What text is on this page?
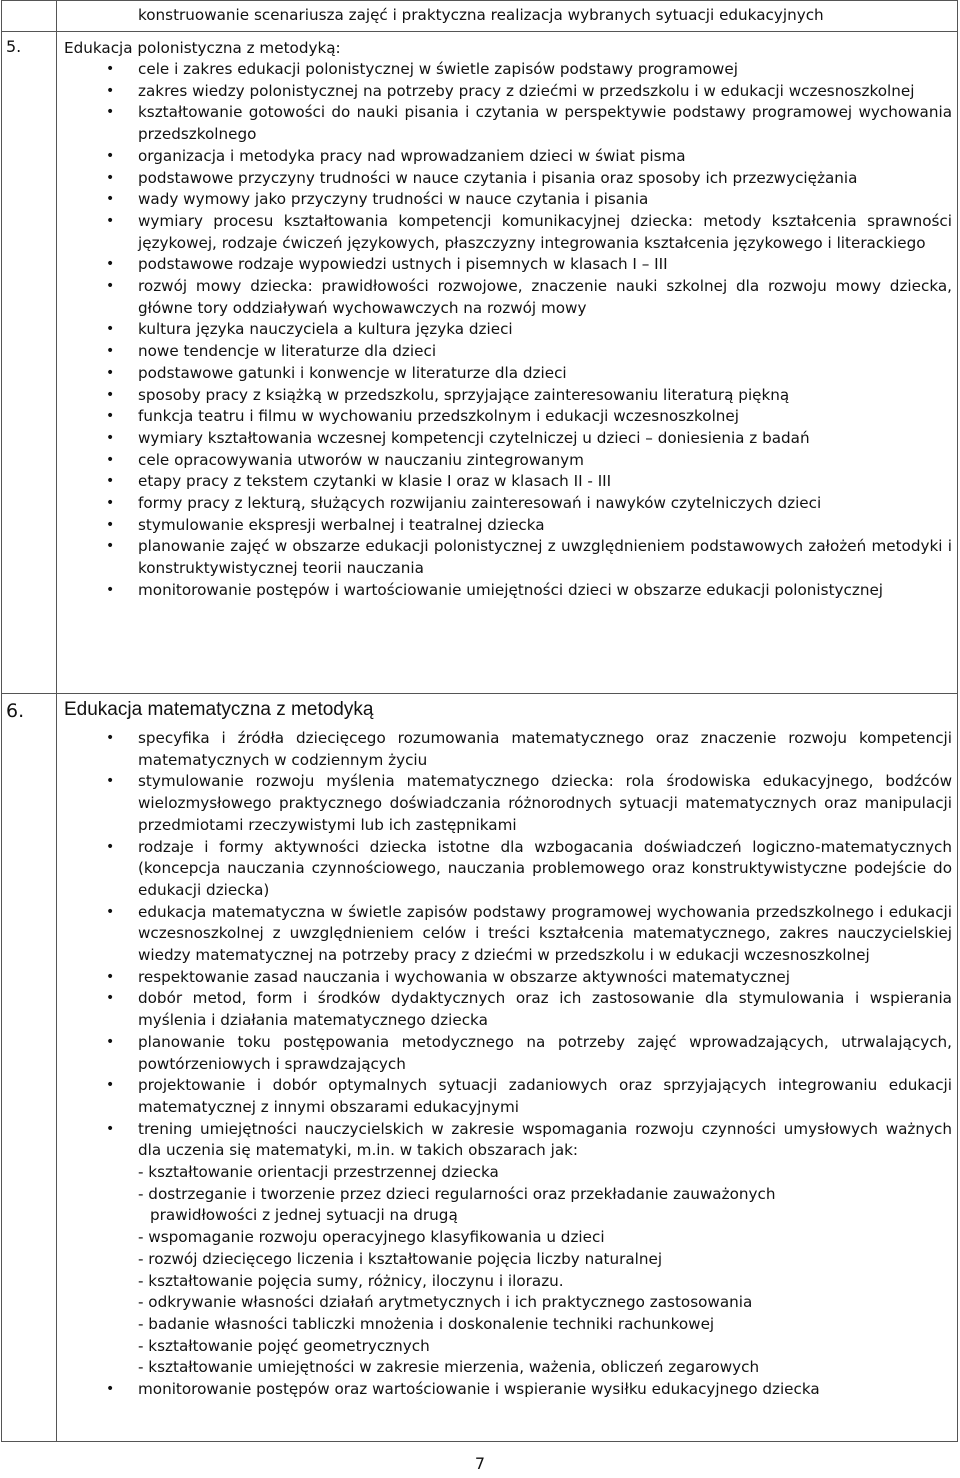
konstruowanie scenariusza zajęć i praktyczna realizacja wybranych sytuacji edukacyjnych
5.	Edukacja polonistyczna z metodyką:
• cele i zakres edukacji polonistycznej w świetle zapisów podstawy programowej
• zakres wiedzy polonistycznej na potrzeby pracy z dziećmi w przedszkolu i w edukacji wczesnoszkolnej
• kształtowanie gotowości do nauki pisania i czytania w perspektywie podstawy programowej wychowania przedszkolnego
• organizacja i metodyka pracy nad wprowadzaniem dzieci w świat pisma
• podstawowe przyczyny trudności w nauce czytania i pisania oraz sposoby ich przezwyciężania
• wady wymowy jako przyczyny trudności w nauce czytania i pisania
• wymiary procesu kształtowania kompetencji komunikacyjnej dziecka: metody kształcenia sprawności językowej, rodzaje ćwiczeń językowych, płaszczyzny integrowania kształcenia językowego i literackiego
• podstawowe rodzaje wypowiedzi ustnych i pisemnych w klasach I – III
• rozwój mowy dziecka: prawidłowości rozwojowe, znaczenie nauki szkolnej dla rozwoju mowy dziecka, główne tory oddziaływań wychowawczych na rozwój mowy
• kultura języka nauczyciela a kultura języka dzieci
• nowe tendencje w literaturze dla dzieci
• podstawowe gatunki i konwencje w literaturze dla dzieci
• sposoby pracy z książką w przedszkolu, sprzyjające zainteresowaniu literaturą piękną
• funkcja teatru i filmu w wychowaniu przedszkolnym i edukacji wczesnoszkolnej
• wymiary kształtowania wczesnej kompetencji czytelniczej u dzieci – doniesienia z badań
• cele opracowywania utworów w nauczaniu zintegrowanym
• etapy pracy z tekstem czytanki w klasie I oraz w klasach II - III
• formy pracy z lekturą, służących rozwijaniu zainteresowań i nawyków czytelniczych dzieci
• stymulowanie ekspresji werbalnej i teatralnej dziecka
• planowanie zajęć w obszarze edukacji polonistycznej z uwzględnieniem podstawowych założeń metodyki i konstruktywistycznej teorii nauczania
• monitorowanie postępów i wartościowanie umiejętności dzieci w obszarze edukacji polonistycznej
6. Edukacja matematyczna z metodyką
• specyfika i źródła dziecięcego rozumowania matematycznego oraz znaczenie rozwoju kompetencji matematycznych w codziennym życiu
• stymulowanie rozwoju myślenia matematycznego dziecka: rola środowiska edukacyjnego, bodźców wielozmysłowego praktycznego doświadczania różnorodnych sytuacji matematycznych oraz manipulacji przedmiotami rzeczywistymi lub ich zastępnikami
• rodzaje i formy aktywności dziecka istotne dla wzbogacania doświadczeń logiczno-matematycznych (koncepcja nauczania czynnościowego, nauczania problemowego oraz konstruktywistyczne podejście do edukacji dziecka)
• edukacja matematyczna w świetle zapisów podstawy programowej wychowania przedszkolnego i edukacji wczesnoszkolnej z uwzględnieniem celów i treści kształcenia matematycznego, zakres nauczycielskiej wiedzy matematycznej na potrzeby pracy z dziećmi w przedszkolu i w edukacji wczesnoszkolnej
• respektowanie zasad nauczania i wychowania w obszarze aktywności matematycznej
• dobór metod, form i środków dydaktycznych oraz ich zastosowanie dla stymulowania i wspierania myślenia i działania matematycznego dziecka
• planowanie toku postępowania metodycznego na potrzeby zajęć wprowadzających, utrwalających, powtórzeniowych i sprawdzających
• projektowanie i dobór optymalnych sytuacji zadaniowych oraz sprzyjających integrowaniu edukacji matematycznej z innymi obszarami edukacyjnymi
• trening umiejętności nauczycielskich w zakresie wspomagania rozwoju czynności umysłowych ważnych dla uczenia się matematyki, m.in. w takich obszarach jak:
- kształtowanie orientacji przestrzennej dziecka
- dostrzeganie i tworzenie przez dzieci regularności oraz przekładanie zauważonych
prawidłowości z jednej sytuacji na drugą
- wspomaganie rozwoju operacyjnego klasyfikowania u dzieci
- rozwój dziecięcego liczenia i kształtowanie pojęcia liczby naturalnej
- kształtowanie pojęcia sumy, różnicy, iloczynu i ilorazu.
- odkrywanie własności działań arytmetycznych i ich praktycznego zastosowania
- badanie własności tabliczki mnożenia i doskonalenie techniki rachunkowej
- kształtowanie pojęć geometrycznych
- kształtowanie umiejętności w zakresie mierzenia, ważenia, obliczeń zegarowych
• monitorowanie postępów oraz wartościowanie i wspieranie wysiłku edukacyjnego dziecka
7
